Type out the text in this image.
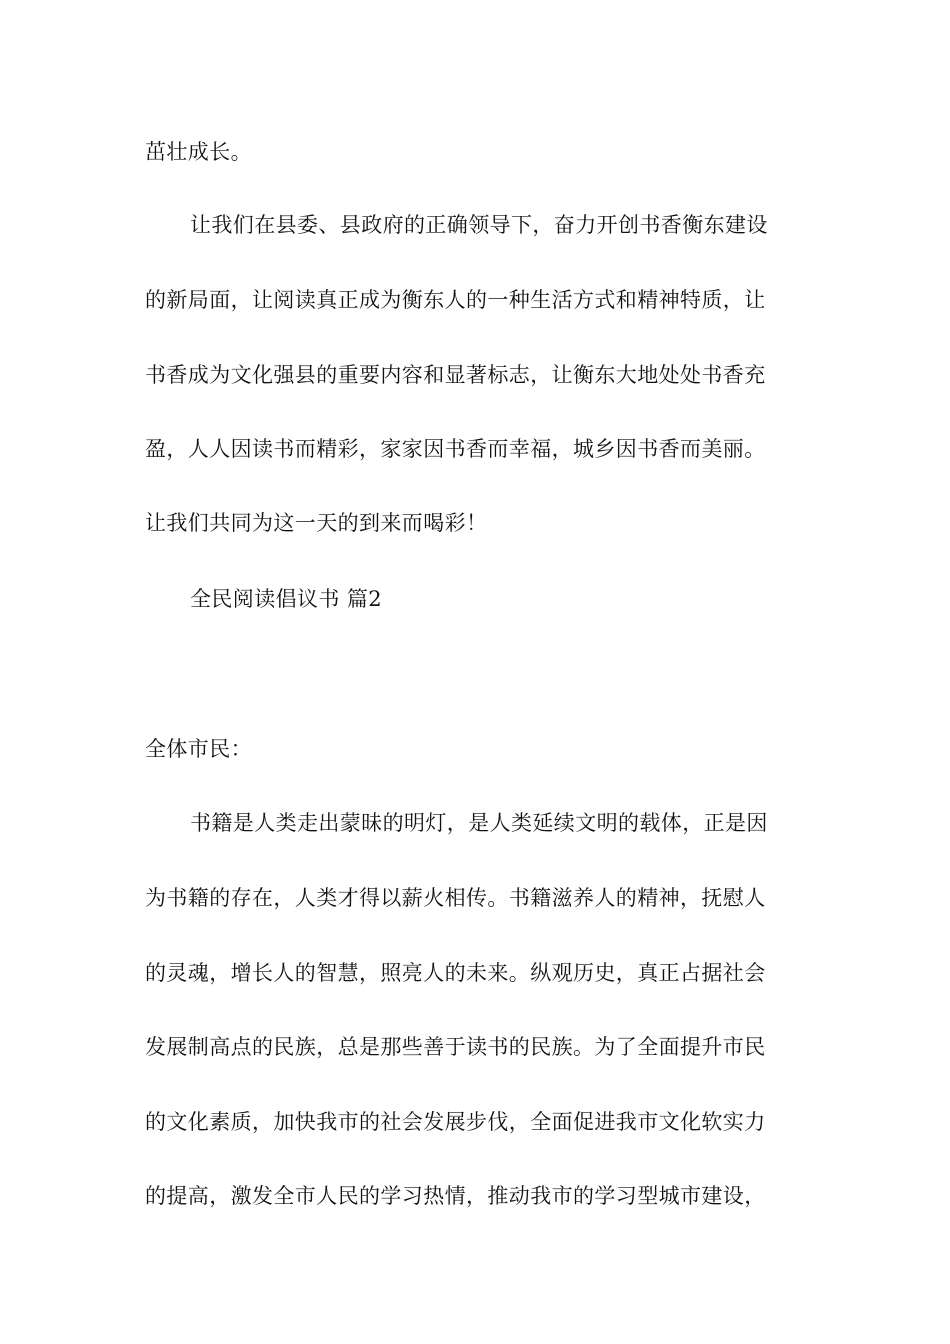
茁壮成长。
让我们在县委、县政府的正确领导下，奋力开创书香衡东建设
的新局面，让阅读真正成为衡东人的一种生活方式和精神特质，让
书香成为文化强县的重要内容和显著标志，让衡东大地处处书香充
盈，人人因读书而精彩，家家因书香而幸福，城乡因书香而美丽。
让我们共同为这一天的到来而喝彩！
全民阅读倡议书 篇2
全体市民：
书籍是人类走出蒙昧的明灯，是人类延续文明的载体，正是因
为书籍的存在，人类才得以薪火相传。书籍滋养人的精神，抚慰人
的灵魂，增长人的智慧，照亮人的未来。纵观历史，真正占据社会
发展制高点的民族，总是那些善于读书的民族。为了全面提升市民
的文化素质，加快我市的社会发展步伐，全面促进我市文化软实力
的提高，激发全市人民的学习热情，推动我市的学习型城市建设，
